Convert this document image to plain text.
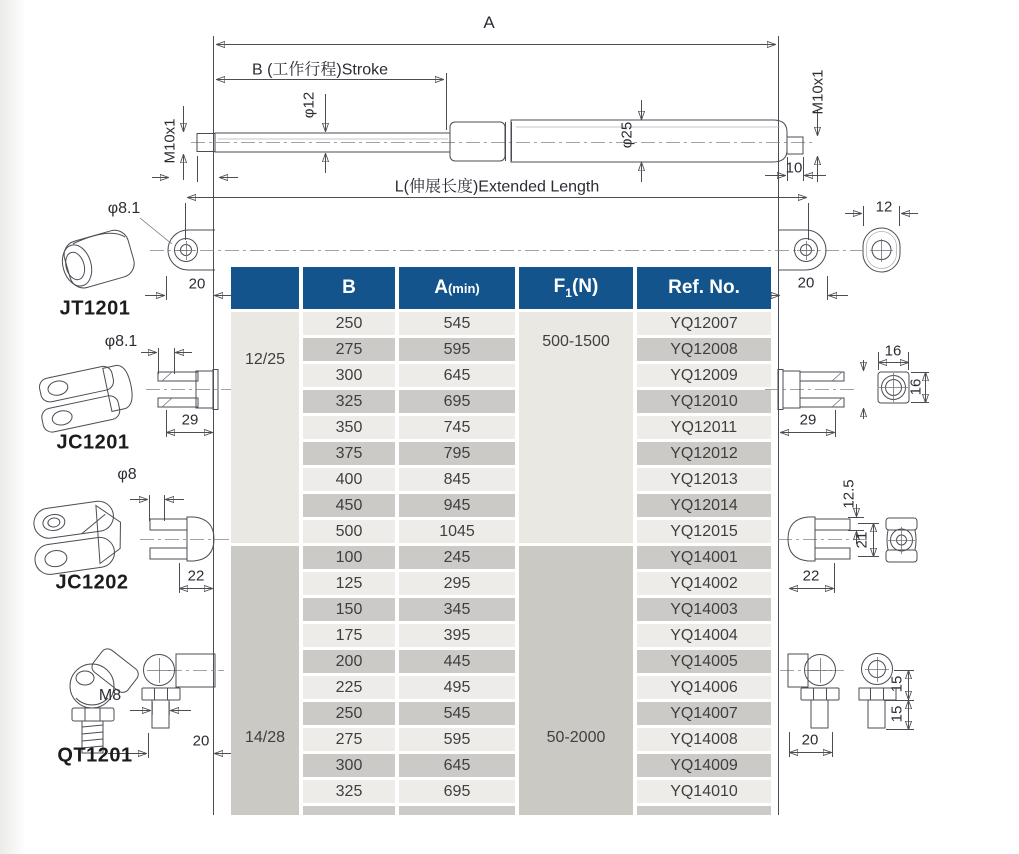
A
B (工作行程)Stroke
φ12
M10x1	φ25
M10x1
10
L(伸展长度)Extended Length
20	20
12
φ8.1
JT1201
φ8.1
29
JC1201
16
16
29
φ8
22
JC1202
12.5
21
22
M8
20
QT1201
20
15
15
	B	A(min)	$F_1(N)$	Ref. No.
12/25	250	545	500-1500	YQ12007
	275	595		YQ12008
	300	645		YQ12009
	325	695		YQ12010
	350	745		YQ12011
	375	795		YQ12012
	400	845		YQ12013
	450	945		YQ12014
	500	1045		YQ12015
14/28	100	245	50-2000	YQ14001
	125	295		YQ14002
	150	345		YQ14003
	175	395		YQ14004
	200	445		YQ14005
	225	495		YQ14006
	250	545		YQ14007
	275	595		YQ14008
	300	645		YQ14009
	325	695		YQ14010
